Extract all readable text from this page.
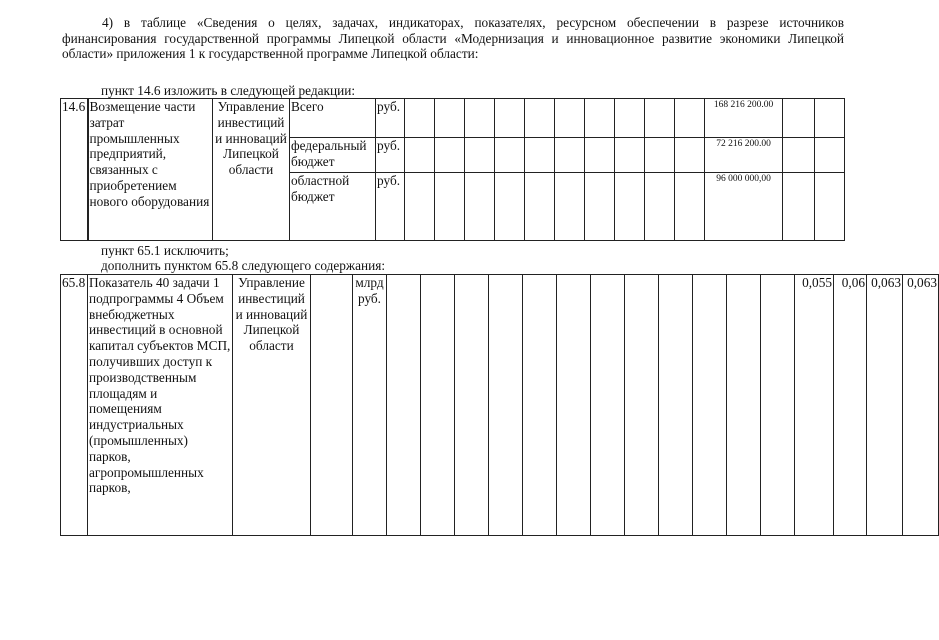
4) в таблице «Сведения о целях, задачах, индикаторах, показателях, ресурсном обеспечении в разрезе источников финансирования государственной программы Липецкой области «Модернизация и инновационное развитие экономики Липецкой области» приложения 1 к государственной программе Липецкой области:

пункт 14.6 изложить в следующей редакции:

14.6	Возмещение части затрат промышленных предприятий, связанных с приобретением нового оборудования	Управление инвестиций и инноваций Липецкой области	Всего	руб.											168 216 200.00		
			федеральный бюджет	руб.											72 216 200.00		
			областной бюджет	руб.											96 000 000,00		

пункт 65.1 исключить;

дополнить пунктом 65.8 следующего содержания:

65.8	Показатель 40 задачи 1 подпрограммы 4 Объем внебюджетных инвестиций в основной капитал субъектов МСП, получивших доступ к производственным площадям и помещениям индустриальных (промышленных) парков, агропромышленных парков,	Управление инвестиций и инноваций Липецкой области		млрд руб.													0,055	0,06	0,063	0,063
